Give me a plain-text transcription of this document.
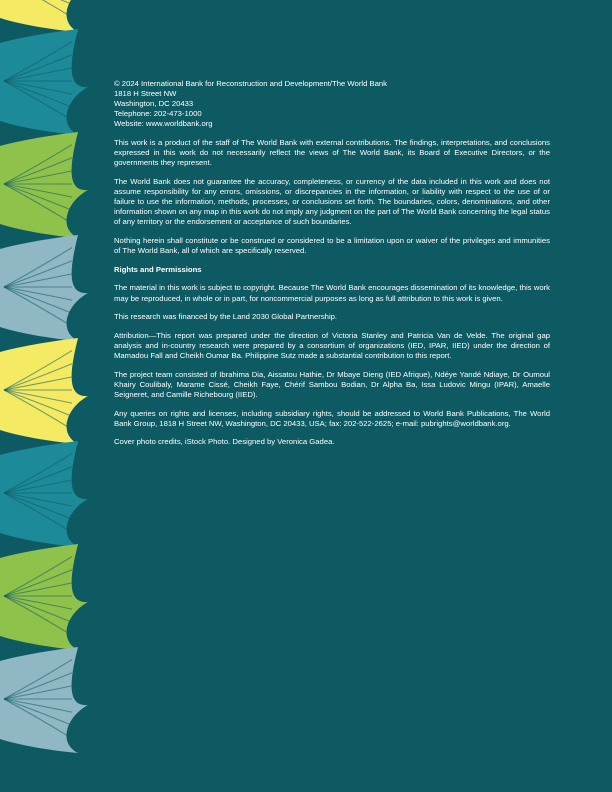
© 2024 International Bank for Reconstruction and Development/The World Bank
1818 H Street NW
Washington, DC 20433
Telephone: 202-473-1000
Website: www.worldbank.org

This work is a product of the staff of The World Bank with external contributions. The findings, interpretations, and conclusions expressed in this work do not necessarily reflect the views of The World Bank, its Board of Executive Directors, or the governments they represent.

The World Bank does not guarantee the accuracy, completeness, or currency of the data included in this work and does not assume responsibility for any errors, omissions, or discrepancies in the information, or liability with respect to the use of or failure to use the information, methods, processes, or conclusions set forth. The boundaries, colors, denominations, and other information shown on any map in this work do not imply any judgment on the part of The World Bank concerning the legal status of any territory or the endorsement or acceptance of such boundaries.

Nothing herein shall constitute or be construed or considered to be a limitation upon or waiver of the privileges and immunities of The World Bank, all of which are specifically reserved.

Rights and Permissions

The material in this work is subject to copyright. Because The World Bank encourages dissemination of its knowledge, this work may be reproduced, in whole or in part, for noncommercial purposes as long as full attribution to this work is given.

This research was financed by the Land 2030 Global Partnership.

Attribution—This report was prepared under the direction of Victoria Stanley and Patricia Van de Velde. The original gap analysis and in-country research were prepared by a consortium of organizations (IED, IPAR, IIED) under the direction of Mamadou Fall and Cheikh Oumar Ba. Philippine Sutz made a substantial contribution to this report.

The project team consisted of Ibrahima Dia, Aissatou Hathie, Dr Mbaye Dieng (IED Afrique), Ndéye Yandé Ndiaye, Dr Oumoul Khairy Coulibaly, Marame Cissé, Cheikh Faye, Chérif Sambou Bodian, Dr Alpha Ba, Issa Ludovic Mingu (IPAR), Amaelle Seigneret, and Camille Richebourg (IIED).

Any queries on rights and licenses, including subsidiary rights, should be addressed to World Bank Publications, The World Bank Group, 1818 H Street NW, Washington, DC 20433, USA; fax: 202-522-2625; e-mail: pubrights@worldbank.org.

Cover photo credits, iStock Photo. Designed by Veronica Gadea.
